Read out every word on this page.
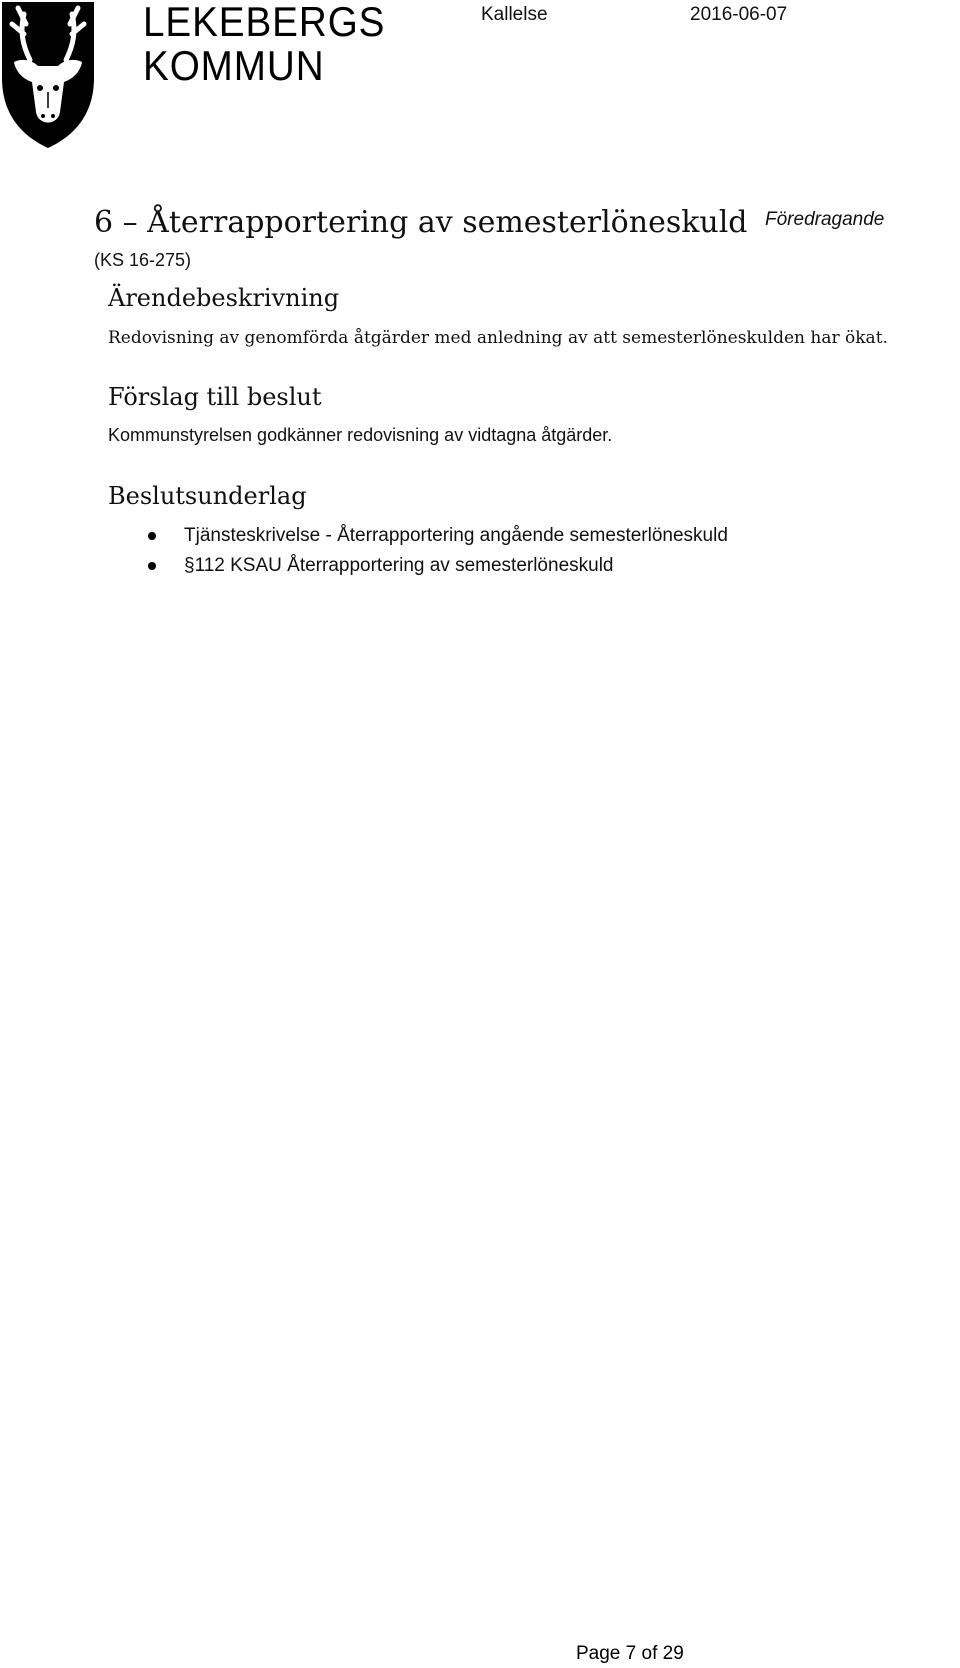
LEKEBERGS
KOMMUN
Kallelse	2016-06-07
6 – Återrapportering av semesterlöneskuld
(KS 16-275)
Föredragande
Ärendebeskrivning
Redovisning av genomförda åtgärder med anledning av att semesterlöneskulden har ökat.
Förslag till beslut
Kommunstyrelsen godkänner redovisning av vidtagna åtgärder.
Beslutsunderlag
Tjänsteskrivelse - Återrapportering angående semesterlöneskuld
§112 KSAU Återrapportering av semesterlöneskuld
Page 7 of 29
